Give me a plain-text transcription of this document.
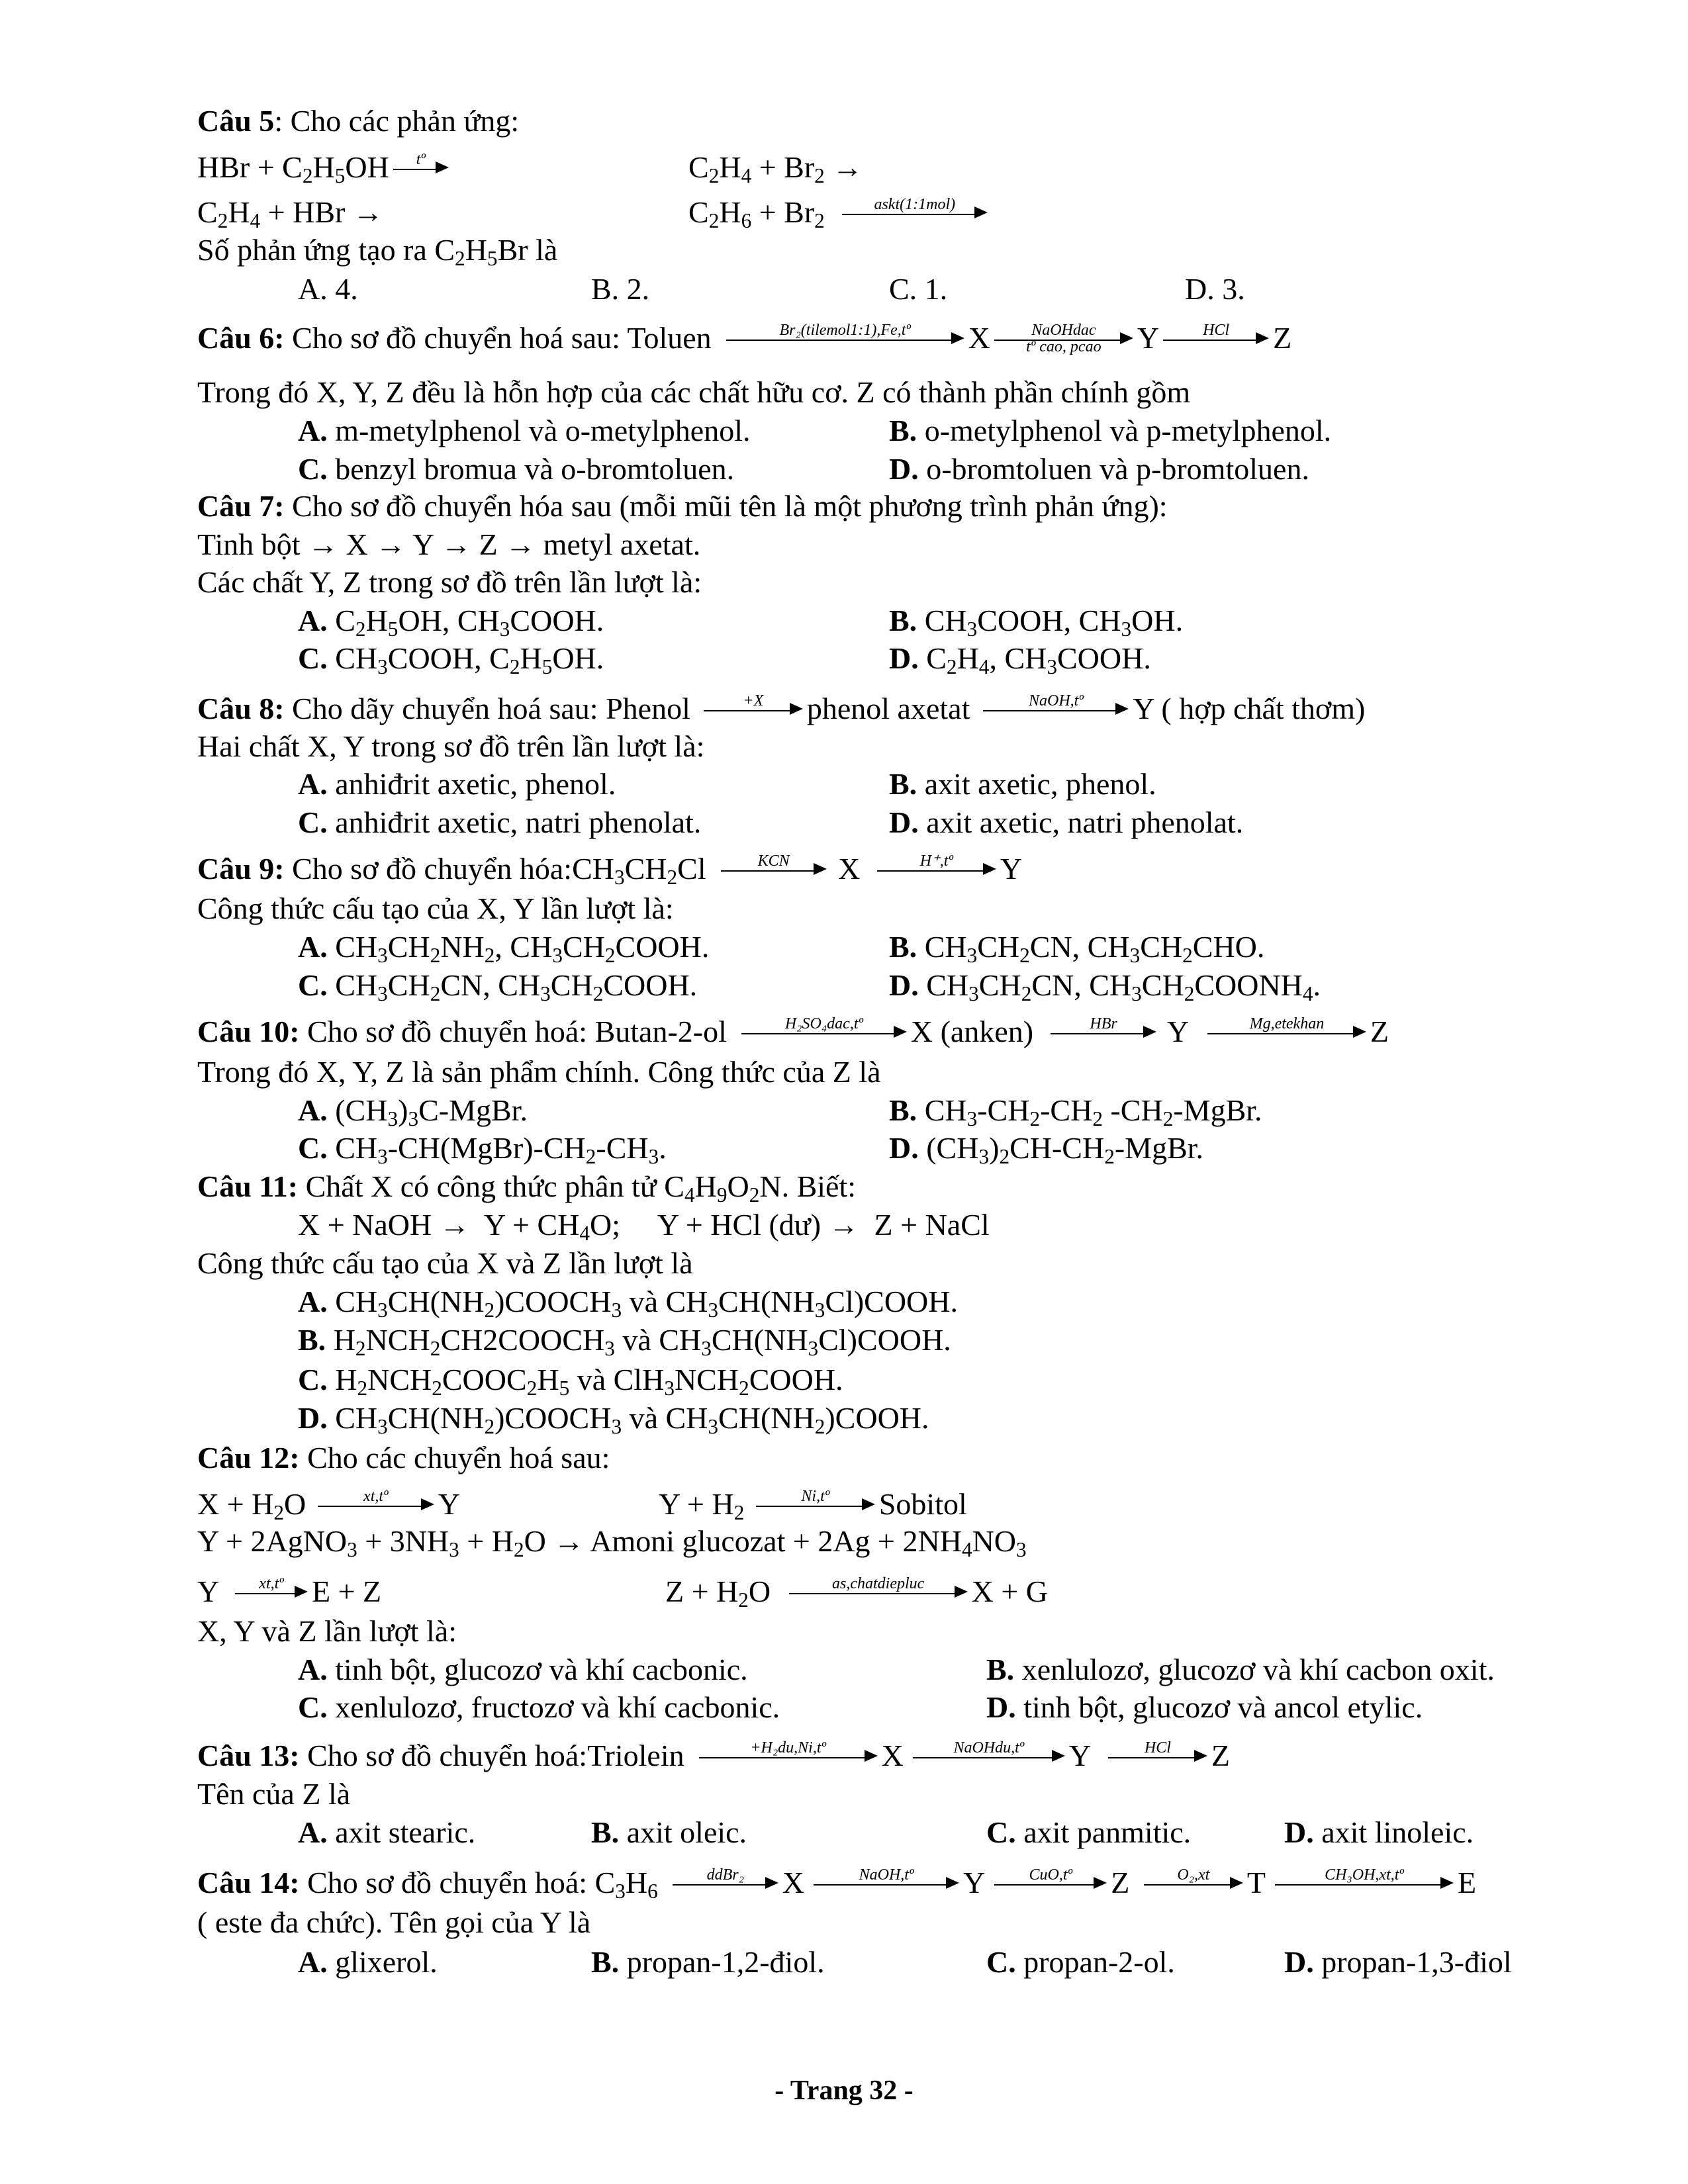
Câu 5: Cho các phản ứng:
HBr + $C_2H_5OH$	tº	$C_2H_4 + Br_2$ →
$C_2H_4$ + HBr →	$C_2H_6 + Br_2$
askt(1:1mol)
Số phản ứng tạo ra $C_2H_5Br$ là
A. 4.	B. 2.	C. 1.	D. 3.
Câu 6: Cho sơ đồ chuyển hoá sau: Toluen	Br₂(tilemol1:1),Fe,tº	X	NaOHdac
tº cao, pcao	Y	HCl	Z
Trong đó X, Y, Z đều là hỗn hợp của các chất hữu cơ. Z có thành phần chính gồm
A. m-metylphenol và o-metylphenol.	B. o-metylphenol và p-metylphenol.
C. benzyl bromua và o-bromtoluen.	D. o-bromtoluen và p-bromtoluen.
Câu 7: Cho sơ đồ chuyển hóa sau (mỗi mũi tên là một phương trình phản ứng):
Tinh bột → X → Y → Z → metyl axetat.
Các chất Y, Z trong sơ đồ trên lần lượt là:
A. $C_2H_5OH$, $CH_3COOH$.	B. $CH_3COOH$, $CH_3OH$.
C. $CH_3COOH$, $C_2H_5OH$.	D. $C_2H_4$, $CH_3COOH$.
Câu 8: Cho dãy chuyển hoá sau: Phenol	+X	phenol axetat	NaOH,tº	Y ( hợp chất thơm)
Hai chất X, Y trong sơ đồ trên lần lượt là:
A. anhiđrit axetic, phenol.	B. axit axetic, phenol.
C. anhiđrit axetic, natri phenolat.	D. axit axetic, natri phenolat.
Câu 9: Cho sơ đồ chuyển $hóa:CH_3CH_2Cl$	KCN	X	H⁺,tº	Y
Công thức cấu tạo của X, Y lần lượt là:
A. $CH_3CH_2NH_2$, $CH_3CH_2COOH$.	B. $CH_3CH_2CN$, $CH_3CH_2CHO$.
C. $CH_3CH_2CN$, $CH_3CH_2COOH$.	D. $CH_3CH_2CN$, $CH_3CH_2COONH_4$.
Câu 10: Cho sơ đồ chuyển hoá: Butan-2-ol	H₂SO₄dac,tº	X (anken)	HBr	Y	Mg,etekhan	Z
Trong đó X, Y, Z là sản phẩm chính. Công thức của Z là
A. $(CH_3)_3C$-MgBr.	B. $CH_3-CH_2-CH_2$ $-CH_2$-MgBr.
C. $CH_3-CH(MgBr)-CH_2-CH_3$.	D. $(CH_3)_2CH-CH_2$-MgBr.
Câu 11: Chất X có công thức phân tử $C_4H_9O_2N$. Biết:
X + NaOH →  $Y + CH_4O$;     Y + HCl (dư) →  Z + NaCl
Công thức cấu tạo của X và Z lần lượt là
A. $CH_3CH(NH_2)COOCH_3$ và $CH_3CH(NH_3Cl)COOH$.
B. $H_2NCH_2CH2COOCH_3$ và $CH_3CH(NH_3Cl)COOH$.
C. $H_2NCH_2COOC_2H_5$ và $ClH_3NCH_2COOH$.
D. $CH_3CH(NH_2)COOCH_3$ và $CH_3CH(NH_2)COOH$.
Câu 12: Cho các chuyển hoá sau:
$X + H_2O$	xt,tº	Y	$Y + H_2$
Ni,tº	Sobitol
Y + 2AgNO$_3$ + $3NH_3 + H_2O$ → Amoni glucozat + $2Ag + 2NH_4NO_3$
Y	xt,tº E + Z	$Z + H_2O$	as,chatdiepluc	X + G
X, Y và Z lần lượt là:
A. tinh bột, glucozơ và khí cacbonic.	B. xenlulozơ, glucozơ và khí cacbon oxit.
C. xenlulozơ, fructozơ và khí cacbonic.	D. tinh bột, glucozơ và ancol etylic.
Câu 13: Cho sơ đồ chuyển hoá:Triolein	+H₂du,Ni,tº	X	NaOHdu,tº	Y	HCl	Z
Tên của Z là
A. axit stearic.	B. axit oleic.	C. axit panmitic.	D. axit linoleic.
Câu 14: Cho sơ đồ chuyển hoá: $C_3H_6$
ddBr₂	X	NaOH,tº	Y	CuO,tº	Z	O₂,xt	T	CH₃OH,xt,tº	E
( este đa chức). Tên gọi của Y là
A. glixerol.	B. propan-1,2-điol.	C. propan-2-ol.	D. propan-1,3-điol
- Trang 32 -
